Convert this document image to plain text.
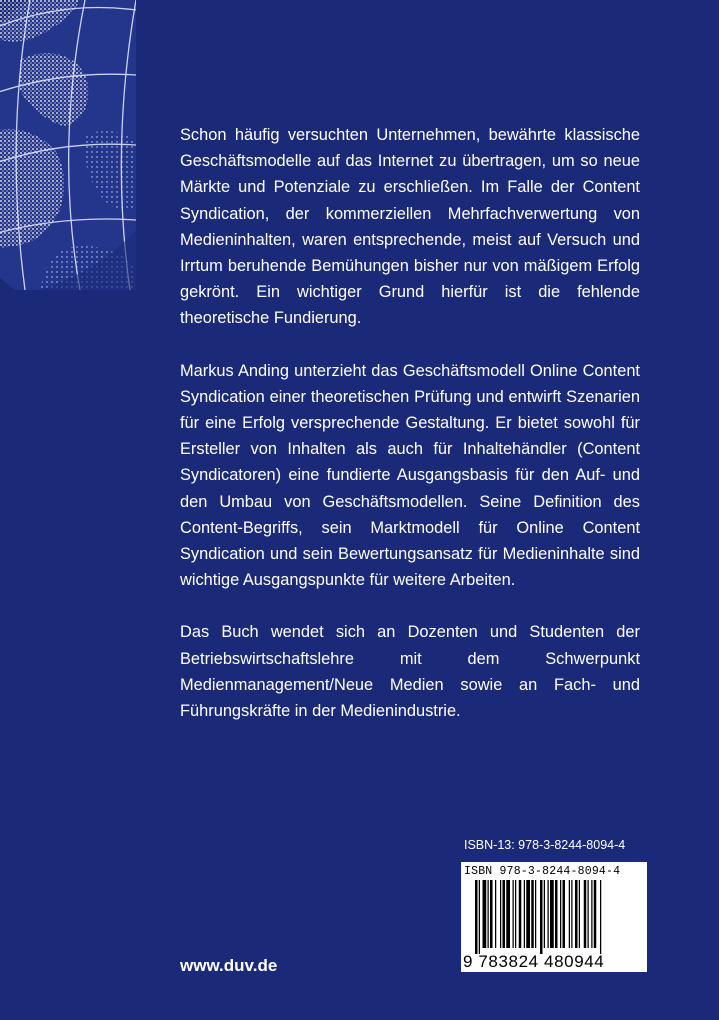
Schon häufig versuchten Unternehmen, bewährte klassische Geschäftsmodelle auf das Internet zu übertragen, um so neue Märkte und Potenziale zu erschließen. Im Falle der Content Syndication, der kommerziellen Mehrfachverwertung von Medieninhalten, waren entsprechende, meist auf Versuch und Irrtum beruhende Bemühungen bisher nur von mäßigem Erfolg gekrönt. Ein wichtiger Grund hierfür ist die fehlende theoretische Fundierung.

Markus Anding unterzieht das Geschäftsmodell Online Content Syndication einer theoretischen Prüfung und entwirft Szenarien für eine Erfolg versprechende Gestaltung. Er bietet sowohl für Ersteller von Inhalten als auch für Inhaltehändler (Content Syndicatoren) eine fundierte Ausgangsbasis für den Auf- und den Umbau von Geschäftsmodellen. Seine Definition des Content-Begriffs, sein Marktmodell für Online Content Syndication und sein Bewertungsansatz für Medieninhalte sind wichtige Ausgangspunkte für weitere Arbeiten.

Das Buch wendet sich an Dozenten und Studenten der Betriebswirtschaftslehre mit dem Schwerpunkt Medienmanagement/Neue Medien sowie an Fach- und Führungskräfte in der Medienindustrie.

ISBN-13: 978-3-8244-8094-4
ISBN 978-3-8244-8094-4
9 783824 480944
www.duv.de
